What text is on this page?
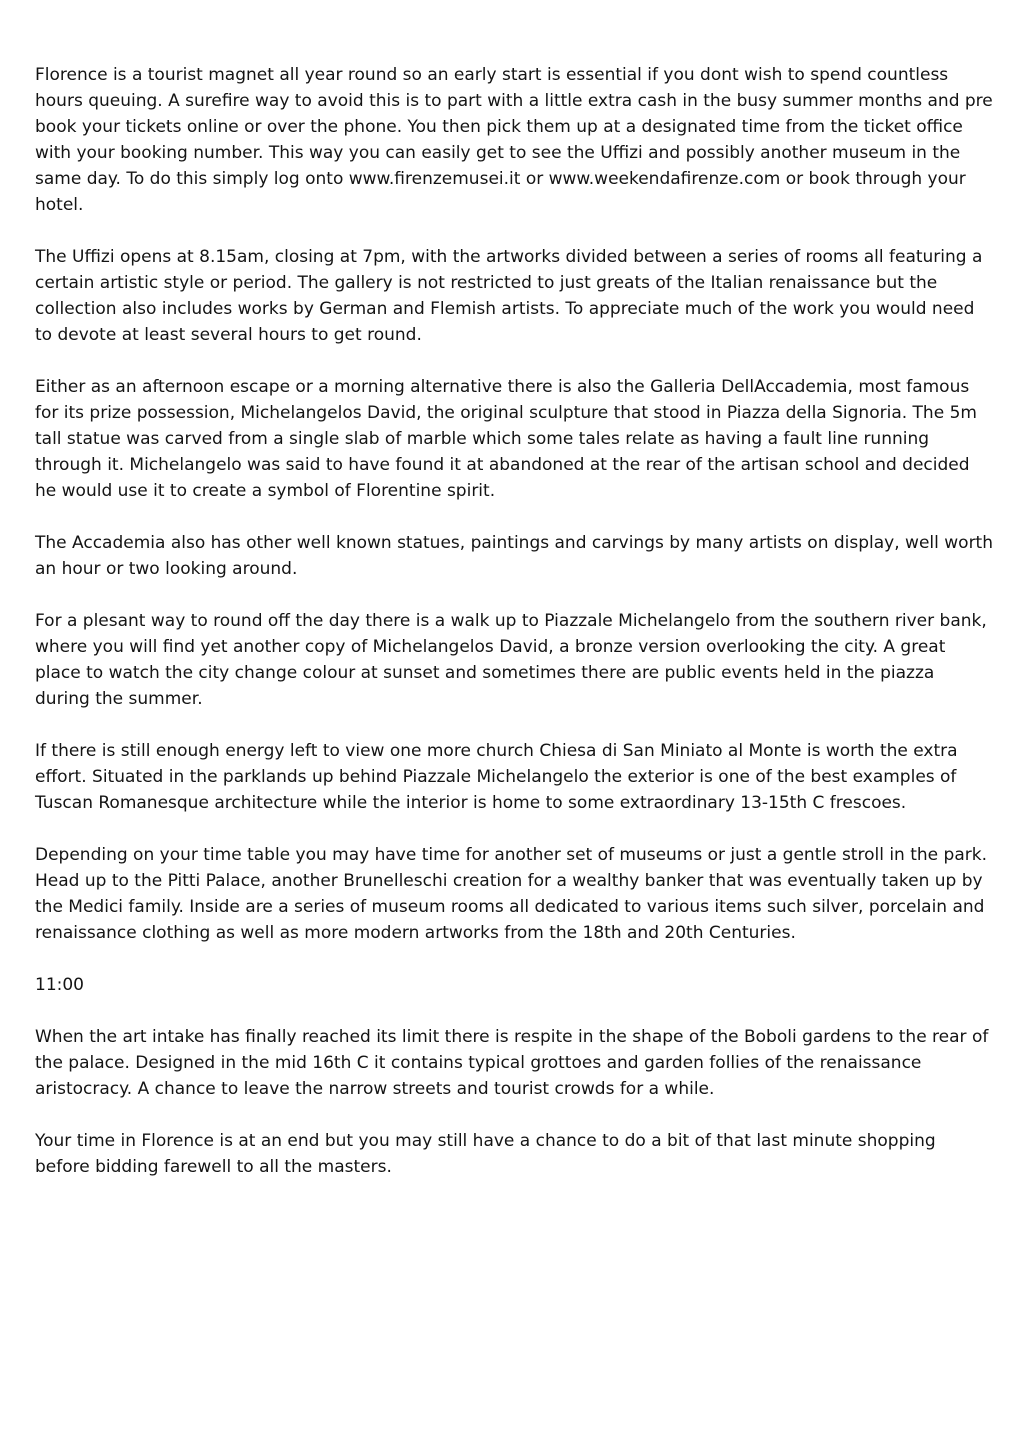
Florence is a tourist magnet all year round so an early start is essential if you dont wish to spend countless hours queuing. A surefire way to avoid this is to part with a little extra cash in the busy summer months and pre book your tickets online or over the phone. You then pick them up at a designated time from the ticket office with your booking number. This way you can easily get to see the Uffizi and possibly another museum in the same day. To do this simply log onto www.firenzemusei.it or www.weekendafirenze.com or book through your hotel.

The Uffizi opens at 8.15am, closing at 7pm, with the artworks divided between a series of rooms all featuring a certain artistic style or period. The gallery is not restricted to just greats of the Italian renaissance but the collection also includes works by German and Flemish artists. To appreciate much of the work you would need to devote at least several hours to get round.

Either as an afternoon escape or a morning alternative there is also the Galleria DellAccademia, most famous for its prize possession, Michelangelos David, the original sculpture that stood in Piazza della Signoria. The 5m tall statue was carved from a single slab of marble which some tales relate as having a fault line running through it. Michelangelo was said to have found it at abandoned at the rear of the artisan school and decided he would use it to create a symbol of Florentine spirit.

The Accademia also has other well known statues, paintings and carvings by many artists on display, well worth an hour or two looking around.

For a plesant way to round off the day there is a walk up to Piazzale Michelangelo from the southern river bank, where you will find yet another copy of Michelangelos David, a bronze version overlooking the city. A great place to watch the city change colour at sunset and sometimes there are public events held in the piazza during the summer.

If there is still enough energy left to view one more church Chiesa di San Miniato al Monte is worth the extra effort. Situated in the parklands up behind Piazzale Michelangelo the exterior is one of the best examples of Tuscan Romanesque architecture while the interior is home to some extraordinary 13-15th C frescoes.

Depending on your time table you may have time for another set of museums or just a gentle stroll in the park. Head up to the Pitti Palace, another Brunelleschi creation for a wealthy banker that was eventually taken up by the Medici family. Inside are a series of museum rooms all dedicated to various items such silver, porcelain and renaissance clothing as well as more modern artworks from the 18th and 20th Centuries.

11:00

When the art intake has finally reached its limit there is respite in the shape of the Boboli gardens to the rear of the palace. Designed in the mid 16th C it contains typical grottoes and garden follies of the renaissance aristocracy. A chance to leave the narrow streets and tourist crowds for a while.

Your time in Florence is at an end but you may still have a chance to do a bit of that last minute shopping before bidding farewell to all the masters.
